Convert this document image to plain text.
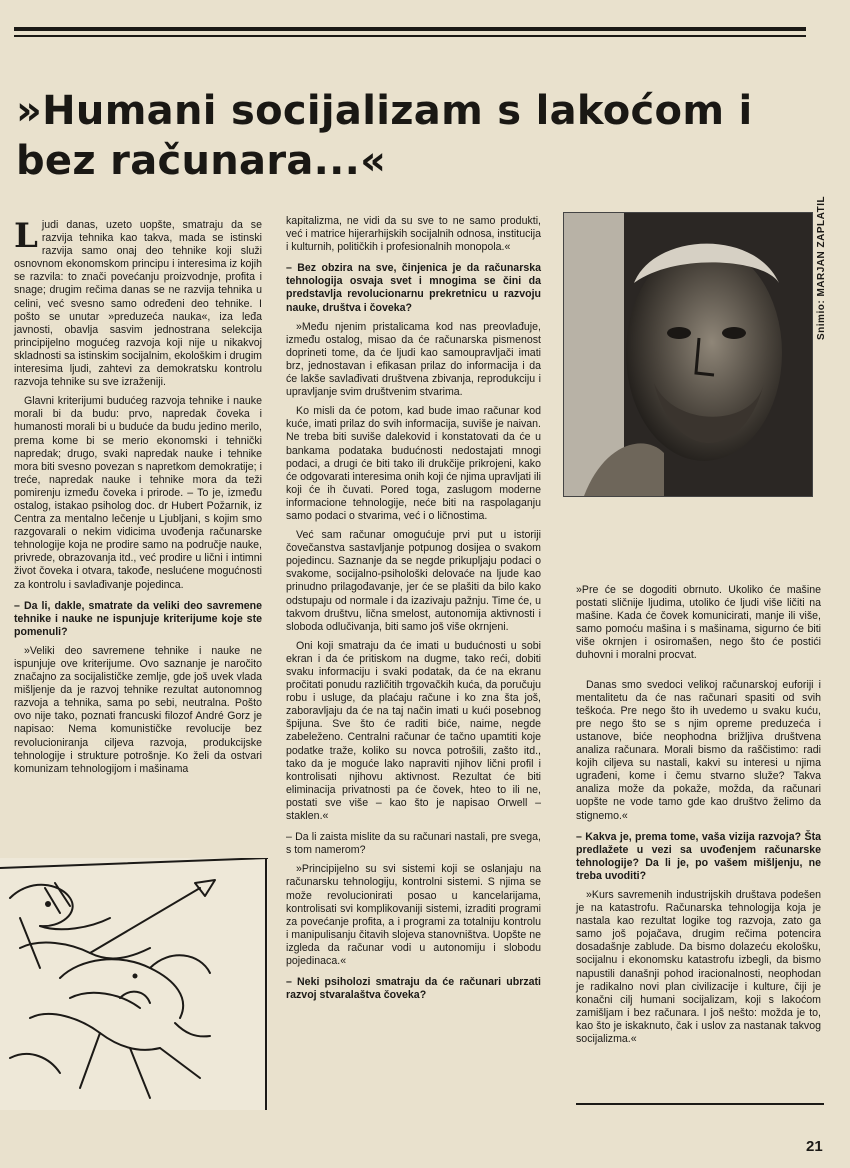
»Humani socijalizam s lakoćom i bez računara...«

Ljudi danas, uzeto uopšte, smatraju da se razvija tehnika kao takva, mada se istinski razvija samo onaj deo tehnike koji služi osnovnom ekonomskom principu i interesima iz kojih se razvila: to znači povećanju proizvodnje, profita i snage; drugim rečima danas se ne razvija tehnika u celini, već svesno samo određeni deo tehnike. I pošto se unutar »preduzeća nauka«, iza leđa javnosti, obavlja sasvim jednostrana selekcija principijelno mogućeg razvoja koji nije u nikakvoj skladnosti sa istinskim socijalnim, ekološkim i drugim interesima ljudi, zahtevi za demokratsku kontrolu razvoja tehnike su sve izraženiji.

Glavni kriterijumi budućeg razvoja tehnike i nauke morali bi da budu: prvo, napredak čoveka i humanosti morali bi u buduće da budu jedino merilo, prema kome bi se merio ekonomski i tehnički napredak; drugo, svaki napredak nauke i tehnike mora biti svesno povezan s napretkom demokratije; i treće, napredak nauke i tehnike mora da teži pomirenju između čoveka i prirode. – To je, između ostalog, istakao psiholog doc. dr Hubert Požarnik, iz Centra za mentalno lečenje u Ljubljani, s kojim smo razgovarali o nekim vidicima uvođenja računarske tehnologije koja ne prodire samo na područje nauke, privrede, obrazovanja itd., već prodire u lični i intimni život čoveka i otvara, takođe, neslućene mogućnosti za kontrolu i savlađivanje pojedinca.

– Da li, dakle, smatrate da veliki deo savremene tehnike i nauke ne ispunjuje kriterijume koje ste pomenuli?

»Veliki deo savremene tehnike i nauke ne ispunjuje ove kriterijume. Ovo saznanje je naročito značajno za socijalističke zemlje, gde još uvek vlada mišljenje da je razvoj tehnike rezultat autonomnog razvoja a tehnika, sama po sebi, neutralna. Pošto ovo nije tako, poznati francuski filozof André Gorz je napisao: Nema komunističke revolucije bez revolucioniranja ciljeva razvoja, produkcijske tehnologije i strukture potrošnje. Ko želi da ostvari komunizam tehnologijom i mašinama

kapitalizma, ne vidi da su sve to ne samo produkti, već i matrice hijerarhijskih socijalnih odnosa, institucija i kulturnih, političkih i profesionalnih monopola.«

– Bez obzira na sve, činjenica je da računarska tehnologija osvaja svet i mnogima se čini da predstavlja revolucionarnu prekretnicu u razvoju nauke, društva i čoveka?

»Među njenim pristalicama kod nas preovlađuje, između ostalog, misao da će računarska pismenost doprineti tome, da će ljudi kao samoupravljači imati brz, jednostavan i efikasan prilaz do informacija i da će lakše savlađivati društvena zbivanja, reprodukciju i upravljanje svim društvenim stvarima.

Ko misli da će potom, kad bude imao računar kod kuće, imati prilaz do svih informacija, suviše je naivan. Ne treba biti suviše dalekovid i konstatovati da će u bankama podataka budućnosti nedostajati mnogi podaci, a drugi će biti tako ili drukčije prikrojeni, kako će odgovarati interesima onih koji će njima upravljati ili koji će ih čuvati. Pored toga, zaslugom moderne informacione tehnologije, neće biti na raspolaganju samo podaci o stvarima, već i o ličnostima.

Već sam računar omogućuje prvi put u istoriji čovečanstva sastavljanje potpunog dosijea o svakom pojedincu. Saznanje da se negde prikupljaju podaci o svakome, socijalno-psihološki delovaće na ljude kao prinudno prilagođavanje, jer će se plašiti da bilo kako odstupaju od normale i da izazivaju pažnju. Time će, u takvom društvu, lična smelost, autonomija aktivnosti i sloboda odlučivanja, biti samo još više okrnjeni.

Oni koji smatraju da će imati u budućnosti u sobi ekran i da će pritiskom na dugme, tako reći, dobiti svaku informaciju i svaki podatak, da će na ekranu pročitati ponudu različitih trgovačkih kuća, da poručuju robu i usluge, da plaćaju račune i ko zna šta još, zaboravljaju da će na taj način imati u kući posebnog špijuna. Sve što će raditi biće, naime, negde zabeleženo. Centralni računar će tačno upamtiti koje podatke traže, koliko su novca potrošili, zašto itd., tako da je moguće lako napraviti njihov lični profil i kontrolisati njihovu aktivnost. Rezultat će biti eliminacija privatnosti pa će čovek, hteo to ili ne, postati sve više – kao što je napisao Orwell – staklen.«

– Da li zaista mislite da su računari nastali, pre svega, s tom namerom?

»Principijelno su svi sistemi koji se oslanjaju na računarsku tehnologiju, kontrolni sistemi. S njima se može revolucionirati posao u kancelarijama, kontrolisati svi komplikovaniji sistemi, izraditi programi za povećanje profita, a i programi za totalniju kontrolu i manipulisanju čitavih slojeva stanovništva. Uopšte ne izgleda da računar vodi u autonomiju i slobodu pojedinaca.«

– Neki psiholozi smatraju da će računari ubrzati razvoj stvaralaštva čoveka?

Snimio: MARJAN ZAPLATIL

»Pre će se dogoditi obrnuto. Ukoliko će mašine postati sličnije ljudima, utoliko će ljudi više ličiti na mašine. Kada će čovek komunicirati, manje ili više, samo pomoću mašina i s mašinama, sigurno će biti više okrnjen i osiromašen, nego što će postići duhovni i moralni procvat.

Danas smo svedoci velikoj računarskoj euforiji i mentalitetu da će nas računari spasiti od svih teškoća. Pre nego što ih uvedemo u svaku kuću, pre nego što se s njim opreme preduzeća i ustanove, biće neophodna brižljiva društvena analiza računara. Morali bismo da raščistimo: radi kojih ciljeva su nastali, kakvi su interesi u njima ugrađeni, kome i čemu stvarno služe? Takva analiza može da pokaže, možda, da računari uopšte ne vode tamo gde kao društvo želimo da stignemo.«

– Kakva je, prema tome, vaša vizija razvoja? Šta predlažete u vezi sa uvođenjem računarske tehnologije? Da li je, po vašem mišljenju, ne treba uvoditi?

»Kurs savremenih industrijskih društava podešen je na katastrofu. Računarska tehnologija koja je nastala kao rezultat logike tog razvoja, zato ga samo još pojačava, drugim rečima potencira dosadašnje zablude. Da bismo dolazeću ekološku, socijalnu i ekonomsku katastrofu izbegli, da bismo napustili današnji pohod iracionalnosti, neophodan je radikalno novi plan civilizacije i kulture, čiji je konačni cilj humani socijalizam, koji s lakoćom zamišljam i bez računara. I još nešto: možda je to, kao što je iskaknuto, čak i uslov za nastanak takvog socijalizma.«

21
